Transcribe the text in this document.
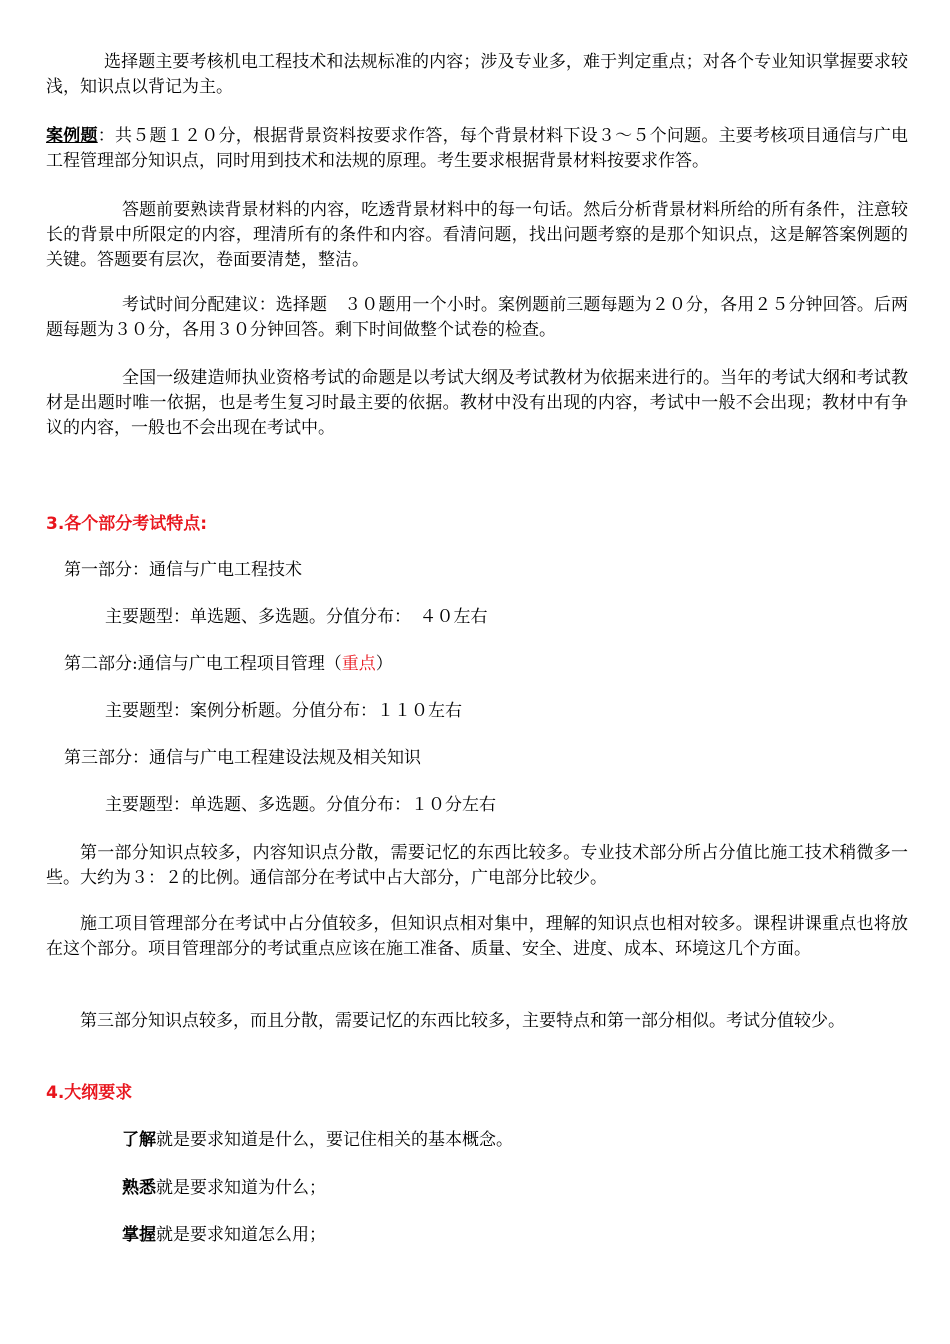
选择题主要考核机电工程技术和法规标准的内容；涉及专业多，难于判定重点；对各个专业知识掌握要求较浅，知识点以背记为主。

案例题：共５题１２０分，根据背景资料按要求作答，每个背景材料下设３～５个问题。主要考核项目通信与广电工程管理部分知识点，同时用到技术和法规的原理。考生要求根据背景材料按要求作答。

答题前要熟读背景材料的内容，吃透背景材料中的每一句话。然后分析背景材料所给的所有条件，注意较长的背景中所限定的内容，理清所有的条件和内容。看清问题，找出问题考察的是那个知识点，这是解答案例题的关键。答题要有层次，卷面要清楚，整洁。

考试时间分配建议：选择题　３０题用一个小时。案例题前三题每题为２０分，各用２５分钟回答。后两题每题为３０分，各用３０分钟回答。剩下时间做整个试卷的检查。

全国一级建造师执业资格考试的命题是以考试大纲及考试教材为依据来进行的。当年的考试大纲和考试教材是出题时唯一依据，也是考生复习时最主要的依据。教材中没有出现的内容，考试中一般不会出现；教材中有争议的内容，一般也不会出现在考试中。

3.各个部分考试特点:

第一部分：通信与广电工程技术

主要题型：单选题、多选题。分值分布：　４０左右

第二部分:通信与广电工程项目管理（重点）

主要题型：案例分析题。分值分布：１１０左右

第三部分：通信与广电工程建设法规及相关知识

主要题型：单选题、多选题。分值分布：１０分左右

第一部分知识点较多，内容知识点分散，需要记忆的东西比较多。专业技术部分所占分值比施工技术稍微多一些。大约为３：２的比例。通信部分在考试中占大部分，广电部分比较少。

施工项目管理部分在考试中占分值较多，但知识点相对集中，理解的知识点也相对较多。课程讲课重点也将放在这个部分。项目管理部分的考试重点应该在施工准备、质量、安全、进度、成本、环境这几个方面。

第三部分知识点较多，而且分散，需要记忆的东西比较多，主要特点和第一部分相似。考试分值较少。

4.大纲要求

了解就是要求知道是什么，要记住相关的基本概念。

熟悉就是要求知道为什么；

掌握就是要求知道怎么用；
